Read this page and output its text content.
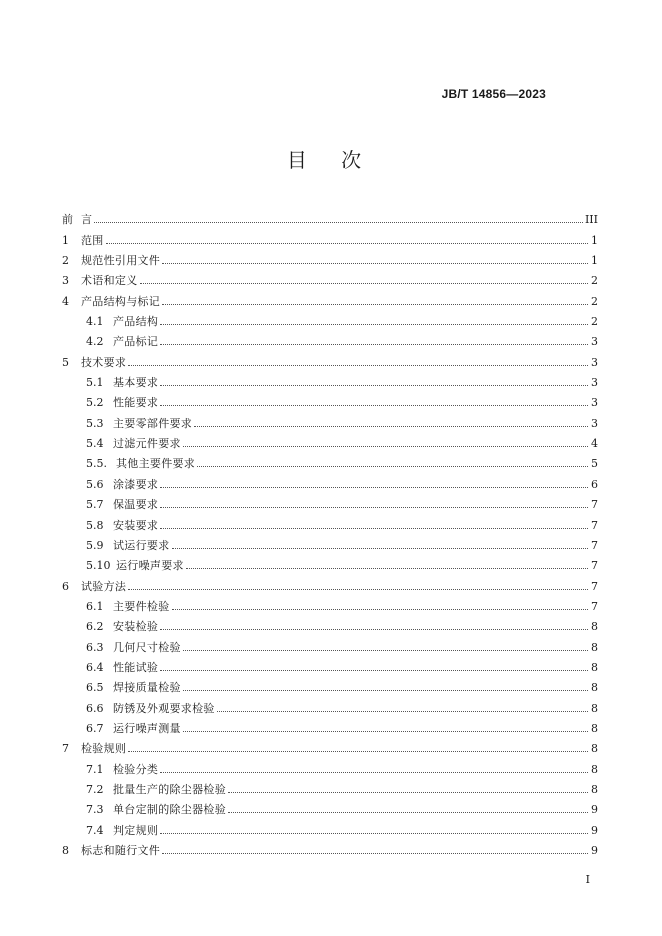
JB/T 14856—2023
目 次
前 言	III
1	范围	1
2	规范性引用文件	1
3	术语和定义	2
4	产品结构与标记	2
4.1 产品结构	2
4.2 产品标记	3
5	技术要求	3
5.1 基本要求	3
5.2 性能要求	3
5.3 主要零部件要求	3
5.4 过滤元件要求	4
5.5. 其他主要件要求	5
5.6 涂漆要求	6
5.7 保温要求	7
5.8 安装要求	7
5.9 试运行要求	7
5.10 运行噪声要求	7
6	试验方法	7
6.1 主要件检验	7
6.2 安装检验	8
6.3 几何尺寸检验	8
6.4 性能试验	8
6.5 焊接质量检验	8
6.6 防锈及外观要求检验	8
6.7 运行噪声测量	8
7	检验规则	8
7.1 检验分类	8
7.2 批量生产的除尘器检验	8
7.3 单台定制的除尘器检验	9
7.4 判定规则	9
8	标志和随行文件	9
I
